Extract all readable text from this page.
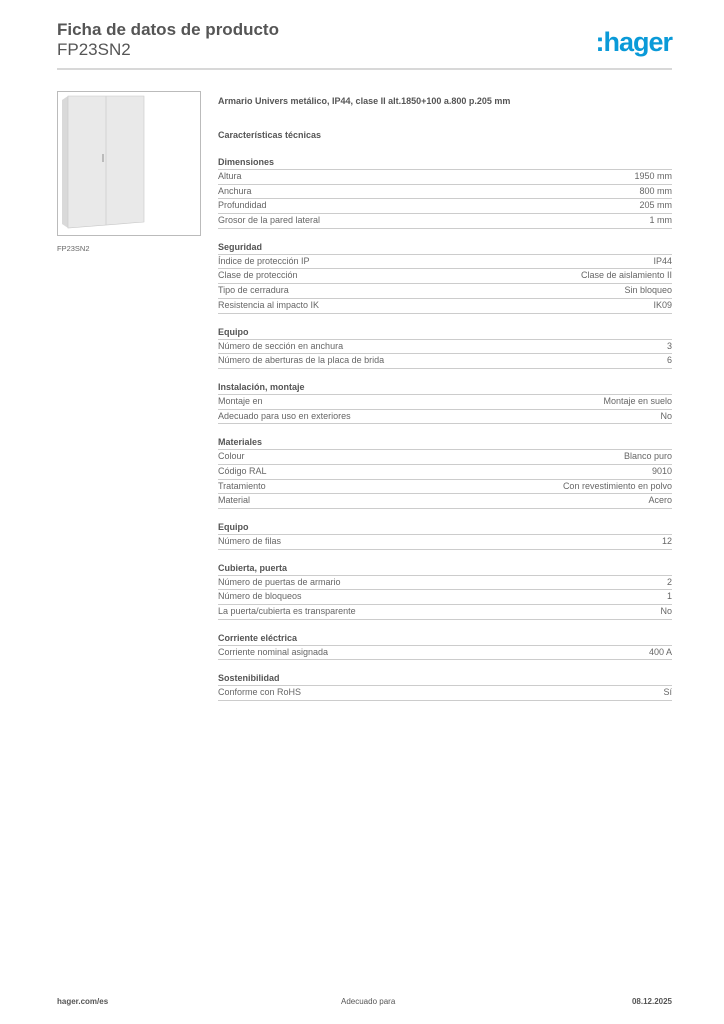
Ficha de datos de producto
FP23SN2	:hager
FP23SN2
Armario Univers metálico, IP44, clase II alt.1850+100 a.800 p.205 mm
Características técnicas
Dimensiones
Altura	1950 mm
Anchura	800 mm
Profundidad	205 mm
Grosor de la pared lateral	1 mm
Seguridad
Índice de protección IP	IP44
Clase de protección	Clase de aislamiento II
Tipo de cerradura	Sin bloqueo
Resistencia al impacto IK	IK09
Equipo
Número de sección en anchura	3
Número de aberturas de la placa de brida	6
Instalación, montaje
Montaje en	Montaje en suelo
Adecuado para uso en exteriores	No
Materiales
Colour	Blanco puro
Código RAL	9010
Tratamiento	Con revestimiento en polvo
Material	Acero
Equipo
Número de filas	12
Cubierta, puerta
Número de puertas de armario	2
Número de bloqueos	1
La puerta/cubierta es transparente	No
Corriente eléctrica
Corriente nominal asignada	400 A
Sostenibilidad
Conforme con RoHS	Sí
hager.com/es	Adecuado para	08.12.2025
